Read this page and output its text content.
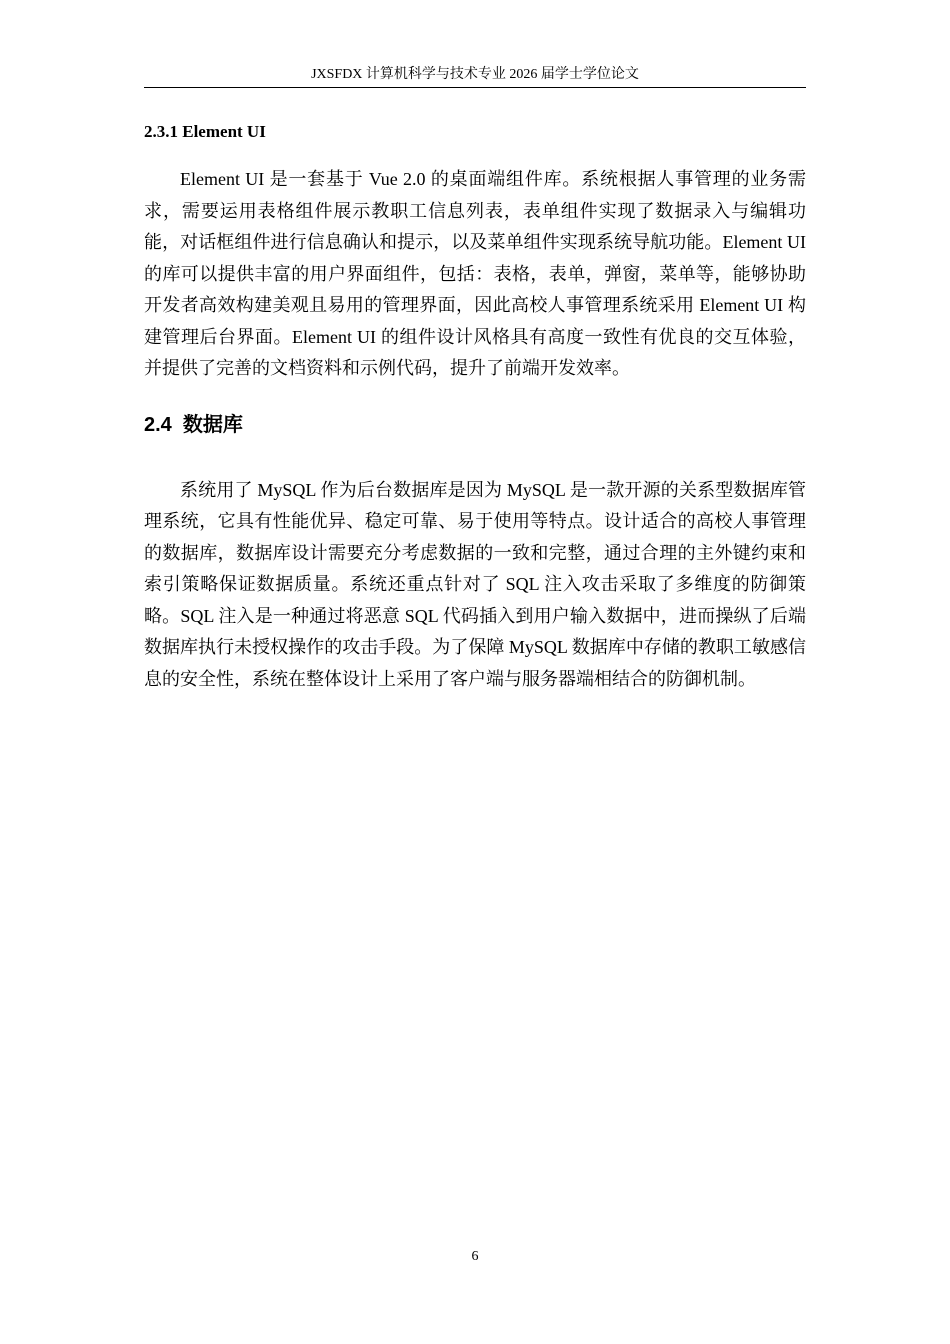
JXSFDX 计算机科学与技术专业 2026 届学士学位论文
2.3.1 Element UI

Element UI 是一套基于 Vue 2.0 的桌面端组件库。系统根据人事管理的业务需求，需要运用表格组件展示教职工信息列表，表单组件实现了数据录入与编辑功能，对话框组件进行信息确认和提示，以及菜单组件实现系统导航功能。Element UI 的库可以提供丰富的用户界面组件，包括：表格，表单，弹窗，菜单等，能够协助开发者高效构建美观且易用的管理界面，因此高校人事管理系统采用 Element UI 构建管理后台界面。Element UI 的组件设计风格具有高度一致性有优良的交互体验，并提供了完善的文档资料和示例代码，提升了前端开发效率。

2.4  数据库

系统用了 MySQL 作为后台数据库是因为 MySQL 是一款开源的关系型数据库管理系统，它具有性能优异、稳定可靠、易于使用等特点。设计适合的高校人事管理的数据库，数据库设计需要充分考虑数据的一致和完整，通过合理的主外键约束和索引策略保证数据质量。系统还重点针对了 SQL 注入攻击采取了多维度的防御策略。SQL 注入是一种通过将恶意 SQL 代码插入到用户输入数据中，进而操纵了后端数据库执行未授权操作的攻击手段。为了保障 MySQL 数据库中存储的教职工敏感信息的安全性，系统在整体设计上采用了客户端与服务器端相结合的防御机制。

6
